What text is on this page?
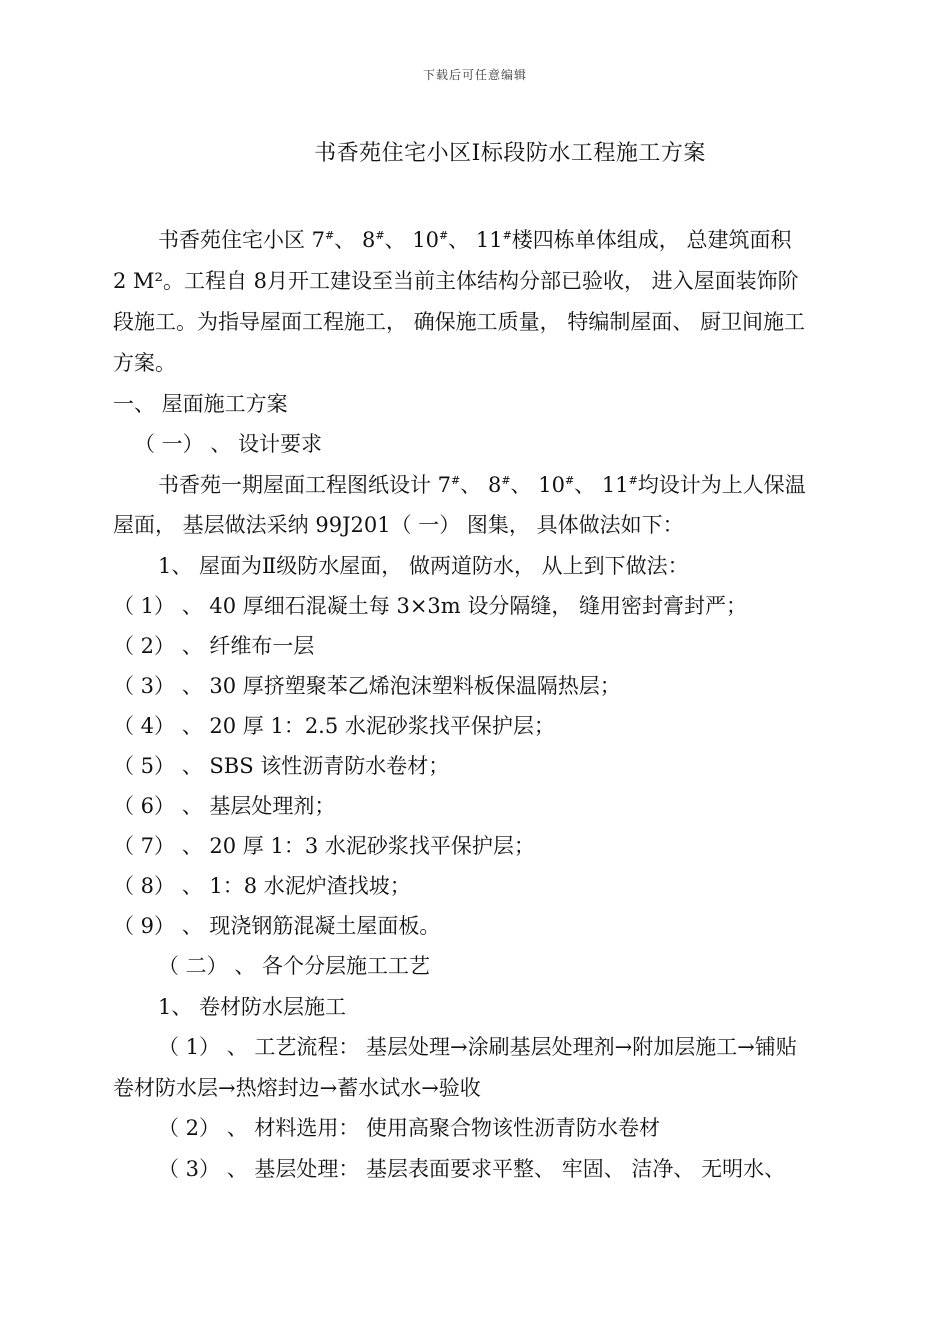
下载后可任意编辑
书香苑住宅小区Ⅰ标段防水工程施工方案
书香苑住宅小区 7#、 8#、 10#、 11#楼四栋单体组成， 总建筑面积
2 M²。工程自 8月开工建设至当前主体结构分部已验收， 进入屋面装饰阶
段施工。为指导屋面工程施工， 确保施工质量， 特编制屋面、 厨卫间施工
方案。
一、 屋面施工方案
（ 一） 、 设计要求
书香苑一期屋面工程图纸设计 7#、 8#、 10#、 11#均设计为上人保温
屋面， 基层做法采纳 99J201（ 一） 图集， 具体做法如下：
1、 屋面为Ⅱ级防水屋面， 做两道防水， 从上到下做法：
（ 1） 、 40 厚细石混凝土每 3×3m 设分隔缝， 缝用密封膏封严；
（ 2） 、 纤维布一层
（ 3） 、 30 厚挤塑聚苯乙烯泡沫塑料板保温隔热层；
（ 4） 、 20 厚 1：2.5 水泥砂浆找平保护层；
（ 5） 、 SBS 该性沥青防水卷材；
（ 6） 、 基层处理剂；
（ 7） 、 20 厚 1：3 水泥砂浆找平保护层；
（ 8） 、 1：8 水泥炉渣找坡；
（ 9） 、 现浇钢筋混凝土屋面板。
（ 二） 、 各个分层施工工艺
1、 卷材防水层施工
（ 1） 、 工艺流程： 基层处理→涂刷基层处理剂→附加层施工→铺贴
卷材防水层→热熔封边→蓄水试水→验收
（ 2） 、 材料选用： 使用高聚合物该性沥青防水卷材
（ 3） 、 基层处理： 基层表面要求平整、 牢固、 洁净、 无明水、
